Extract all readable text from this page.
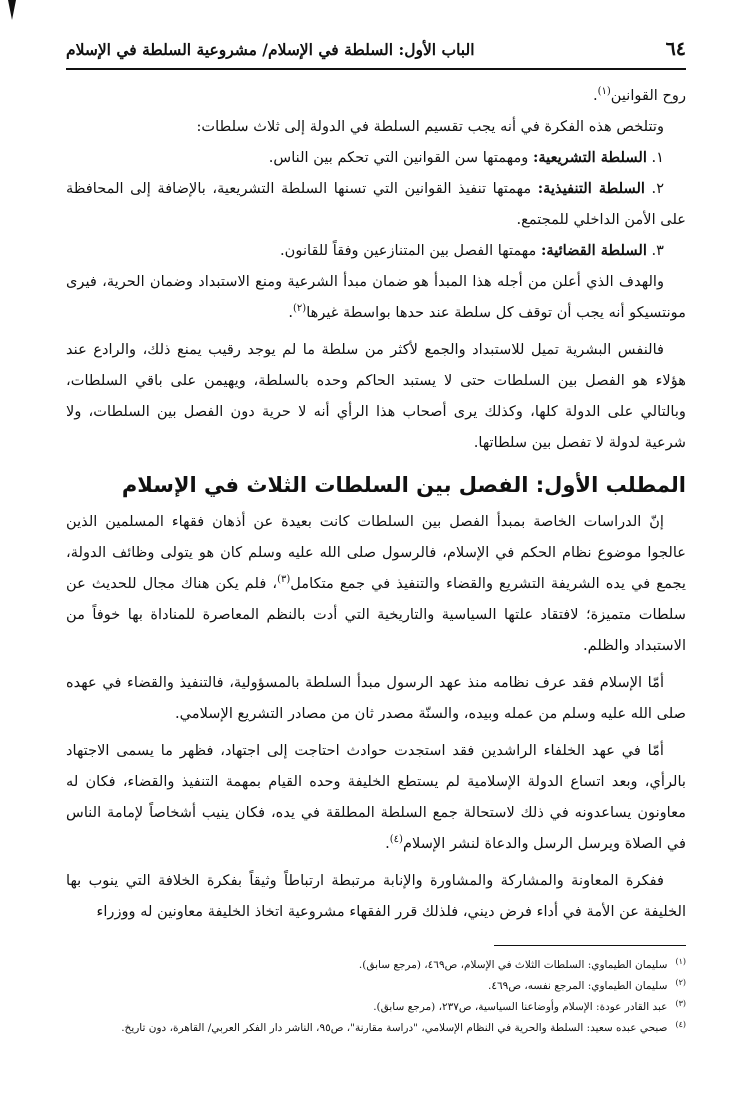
٦٤
الباب الأول: السلطة في الإسلام/ مشروعية السلطة في الإسلام

روح القوانين$^{(١)}$.

وتتلخص هذه الفكرة في أنه يجب تقسيم السلطة في الدولة إلى ثلاث سلطات:

١. السلطة التشريعية: ومهمتها سن القوانين التي تحكم بين الناس.

٢. السلطة التنفيذية: مهمتها تنفيذ القوانين التي تسنها السلطة التشريعية، بالإضافة إلى المحافظة على الأمن الداخلي للمجتمع.

٣. السلطة القضائية: مهمتها الفصل بين المتنازعين وفقاً للقانون.

والهدف الذي أعلن من أجله هذا المبدأ هو ضمان مبدأ الشرعية ومنع الاستبداد وضمان الحرية، فيرى مونتسيكو أنه يجب أن توقف كل سلطة عند حدها بواسطة غيرها$^{(٢)}$.

فالنفس البشرية تميل للاستبداد والجمع لأكثر من سلطة ما لم يوجد رقيب يمنع ذلك، والرادع عند هؤلاء هو الفصل بين السلطات حتى لا يستبد الحاكم وحده بالسلطة، ويهيمن على باقي السلطات، وبالتالي على الدولة كلها، وكذلك يرى أصحاب هذا الرأي أنه لا حرية دون الفصل بين السلطات، ولا شرعية لدولة لا تفصل بين سلطاتها.

المطلب الأول: الفصل بين السلطات الثلاث في الإسلام

إنّ الدراسات الخاصة بمبدأ الفصل بين السلطات كانت بعيدة عن أذهان فقهاء المسلمين الذين عالجوا موضوع نظام الحكم في الإسلام، فالرسول صلى الله عليه وسلم كان هو يتولى وظائف الدولة، يجمع في يده الشريفة التشريع والقضاء والتنفيذ في جمع متكامل$^{(٣)}$، فلم يكن هناك مجال للحديث عن سلطات متميزة؛ لافتقاد علتها السياسية والتاريخية التي أدت بالنظم المعاصرة للمناداة بها خوفاً من الاستبداد والظلم.

أمّا الإسلام فقد عرف نظامه منذ عهد الرسول مبدأ السلطة بالمسؤولية، فالتنفيذ والقضاء في عهده صلى الله عليه وسلم من عمله وبيده، والسنّة مصدر ثان من مصادر التشريع الإسلامي.

أمّا في عهد الخلفاء الراشدين فقد استجدت حوادث احتاجت إلى اجتهاد، فظهر ما يسمى الاجتهاد بالرأي، وبعد اتساع الدولة الإسلامية لم يستطع الخليفة وحده القيام بمهمة التنفيذ والقضاء، فكان له معاونون يساعدونه في ذلك لاستحالة جمع السلطة المطلقة في يده، فكان ينيب أشخاصاً لإمامة الناس في الصلاة ويرسل الرسل والدعاة لنشر الإسلام$^{(٤)}$.

ففكرة المعاونة والمشاركة والمشاورة والإنابة مرتبطة ارتباطاً وثيقاً بفكرة الخلافة التي ينوب بها الخليفة عن الأمة في أداء فرض ديني، فلذلك قرر الفقهاء مشروعية اتخاذ الخليفة معاونين له ووزراء

$^{(١)}$سليمان الطيماوي: السلطات الثلاث في الإسلام، ص٤٦٩، (مرجع سابق).

$^{(٢)}$سليمان الطيماوي: المرجع نفسه، ص٤٦٩.

$^{(٣)}$عبد القادر عودة: الإسلام وأوضاعنا السياسية، ص٢٣٧، (مرجع سابق).

$^{(٤)}$صبحي عبده سعيد: السلطة والحرية في النظام الإسلامي، "دراسة مقارنة"، ص٩٥، الناشر دار الفكر العربي/ القاهرة، دون تاريخ.
